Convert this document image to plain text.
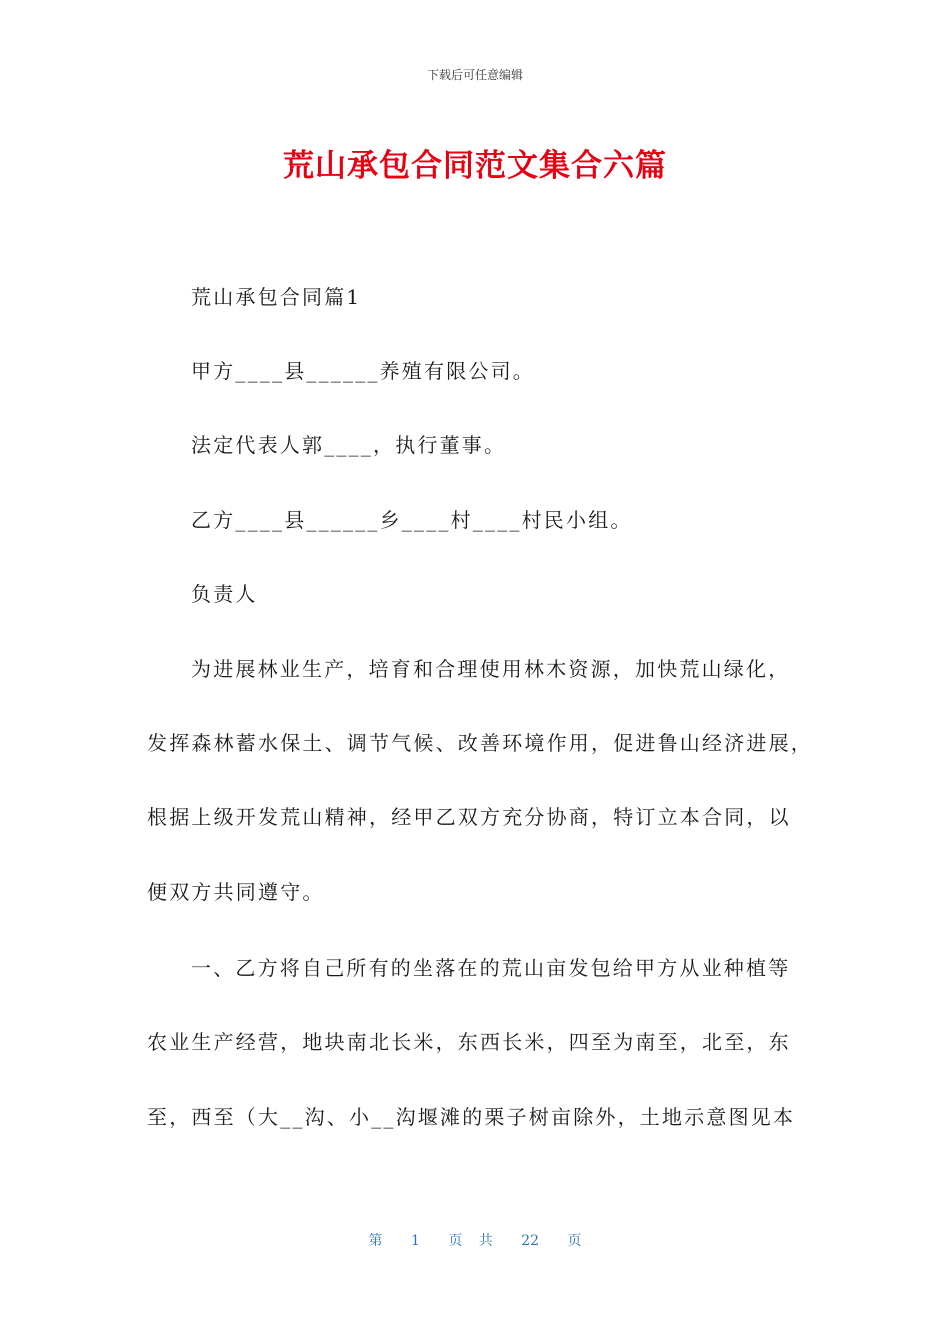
下载后可任意编辑
荒山承包合同范文集合六篇

荒山承包合同篇1

甲方____县______养殖有限公司。

法定代表人郭____，执行董事。

乙方____县______乡____村____村民小组。

负责人

为进展林业生产，培育和合理使用林木资源，加快荒山绿化，

发挥森林蓄水保土、调节气候、改善环境作用，促进鲁山经济进展，

根据上级开发荒山精神，经甲乙双方充分协商，特订立本合同，以

便双方共同遵守。

一、乙方将自己所有的坐落在的荒山亩发包给甲方从业种植等

农业生产经营，地块南北长米，东西长米，四至为南至，北至，东

至，西至（大__沟、小__沟堰滩的栗子树亩除外，土地示意图见本

第 1 页 共 22 页
